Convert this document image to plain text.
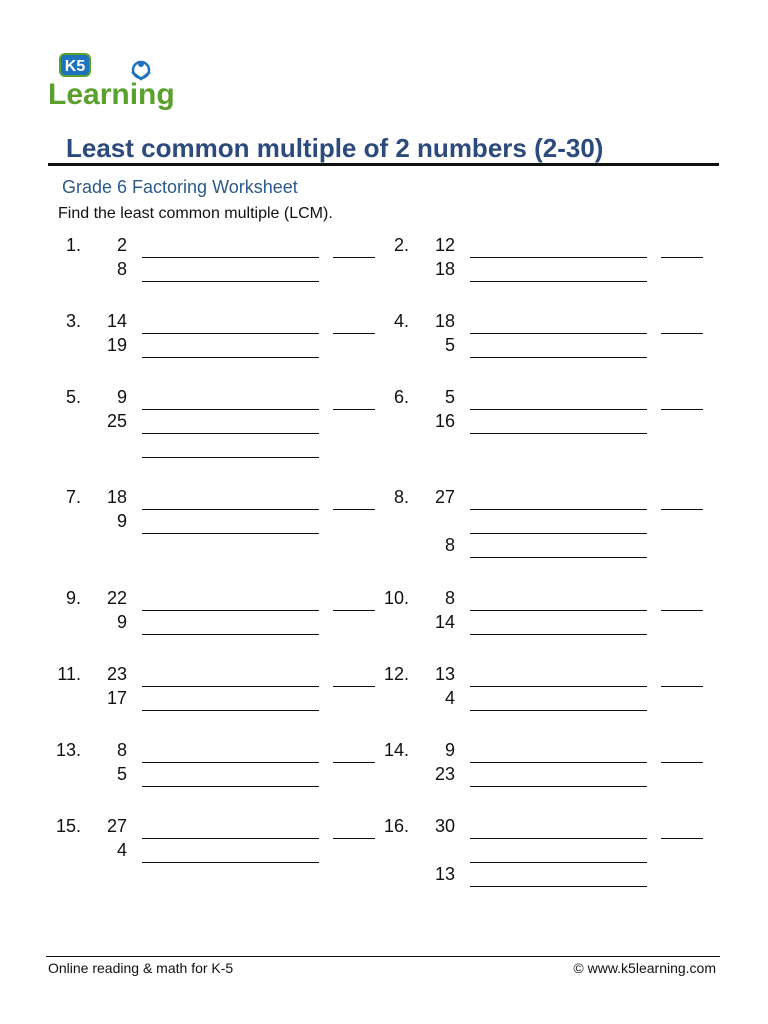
K5
Learning
Least common multiple of 2 numbers (2-30)
Grade 6 Factoring Worksheet
Find the least common multiple (LCM).
1.	2
8
2.	12
18
3.	14
19
4.	18
5
5.	9
25
6.	5
16
7.	18
9
8.	27
8
9.	22
9
10.	8
14
11.	23
17
12.	13
4
13.	8
5
14.	9
23
15.	27
4
16.	30
13
Online reading & math for K-5	© www.k5learning.com
